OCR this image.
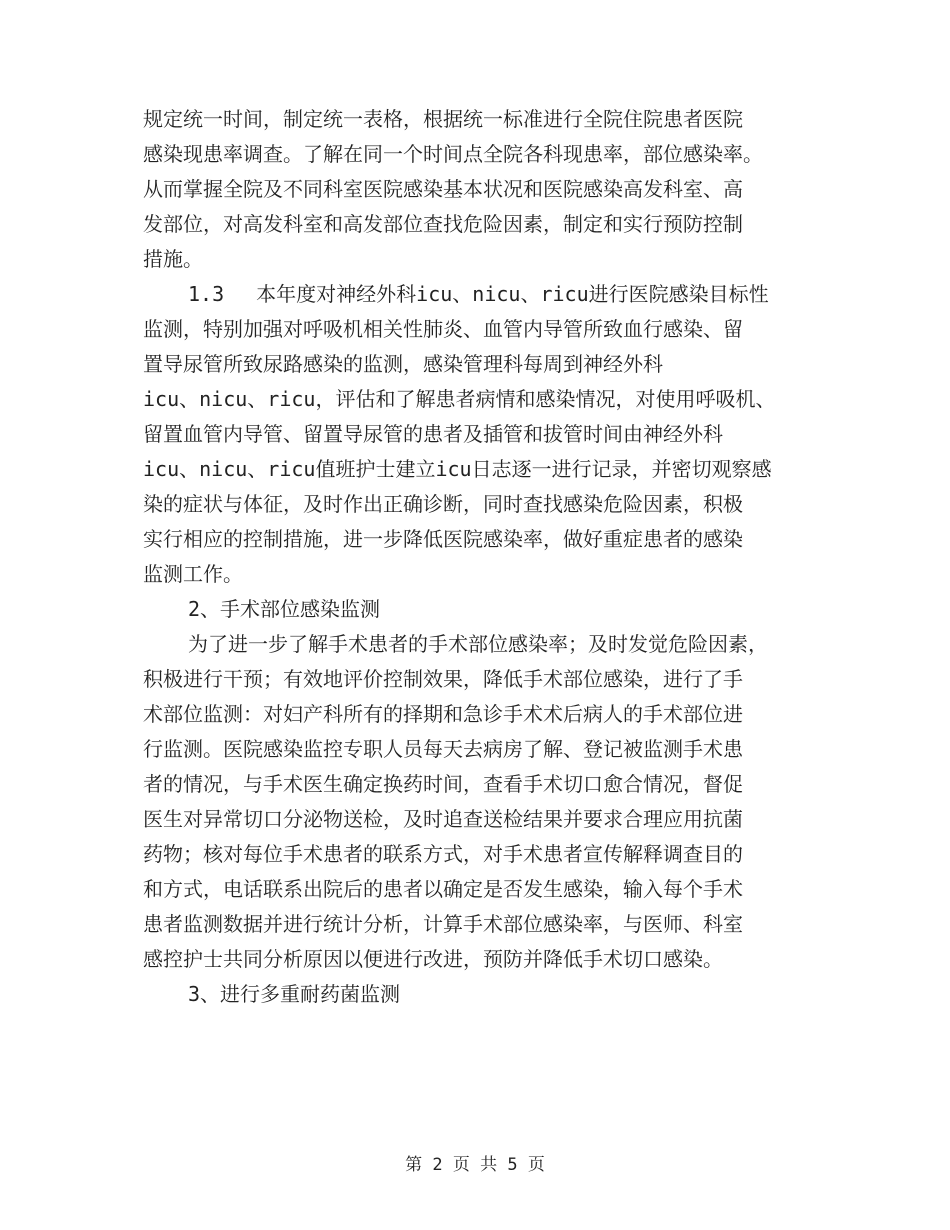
规定统一时间，制定统一表格，根据统一标准进行全院住院患者医院
感染现患率调查。了解在同一个时间点全院各科现患率，部位感染率。
从而掌握全院及不同科室医院感染基本状况和医院感染高发科室、高
发部位，对高发科室和高发部位查找危险因素，制定和实行预防控制
措施。
1.3　 本年度对神经外科icu、nicu、ricu进行医院感染目标性
监测，特别加强对呼吸机相关性肺炎、血管内导管所致血行感染、留
置导尿管所致尿路感染的监测，感染管理科每周到神经外科
icu、nicu、ricu，评估和了解患者病情和感染情况，对使用呼吸机、
留置血管内导管、留置导尿管的患者及插管和拔管时间由神经外科
icu、nicu、ricu值班护士建立icu日志逐一进行记录，并密切观察感
染的症状与体征，及时作出正确诊断，同时查找感染危险因素，积极
实行相应的控制措施，进一步降低医院感染率，做好重症患者的感染
监测工作。
2、手术部位感染监测
为了进一步了解手术患者的手术部位感染率；及时发觉危险因素，
积极进行干预；有效地评价控制效果，降低手术部位感染，进行了手
术部位监测：对妇产科所有的择期和急诊手术术后病人的手术部位进
行监测。医院感染监控专职人员每天去病房了解、登记被监测手术患
者的情况，与手术医生确定换药时间，查看手术切口愈合情况，督促
医生对异常切口分泌物送检，及时追查送检结果并要求合理应用抗菌
药物；核对每位手术患者的联系方式，对手术患者宣传解释调查目的
和方式，电话联系出院后的患者以确定是否发生感染，输入每个手术
患者监测数据并进行统计分析，计算手术部位感染率，与医师、科室
感控护士共同分析原因以便进行改进，预防并降低手术切口感染。
3、进行多重耐药菌监测
第 2 页 共 5 页
